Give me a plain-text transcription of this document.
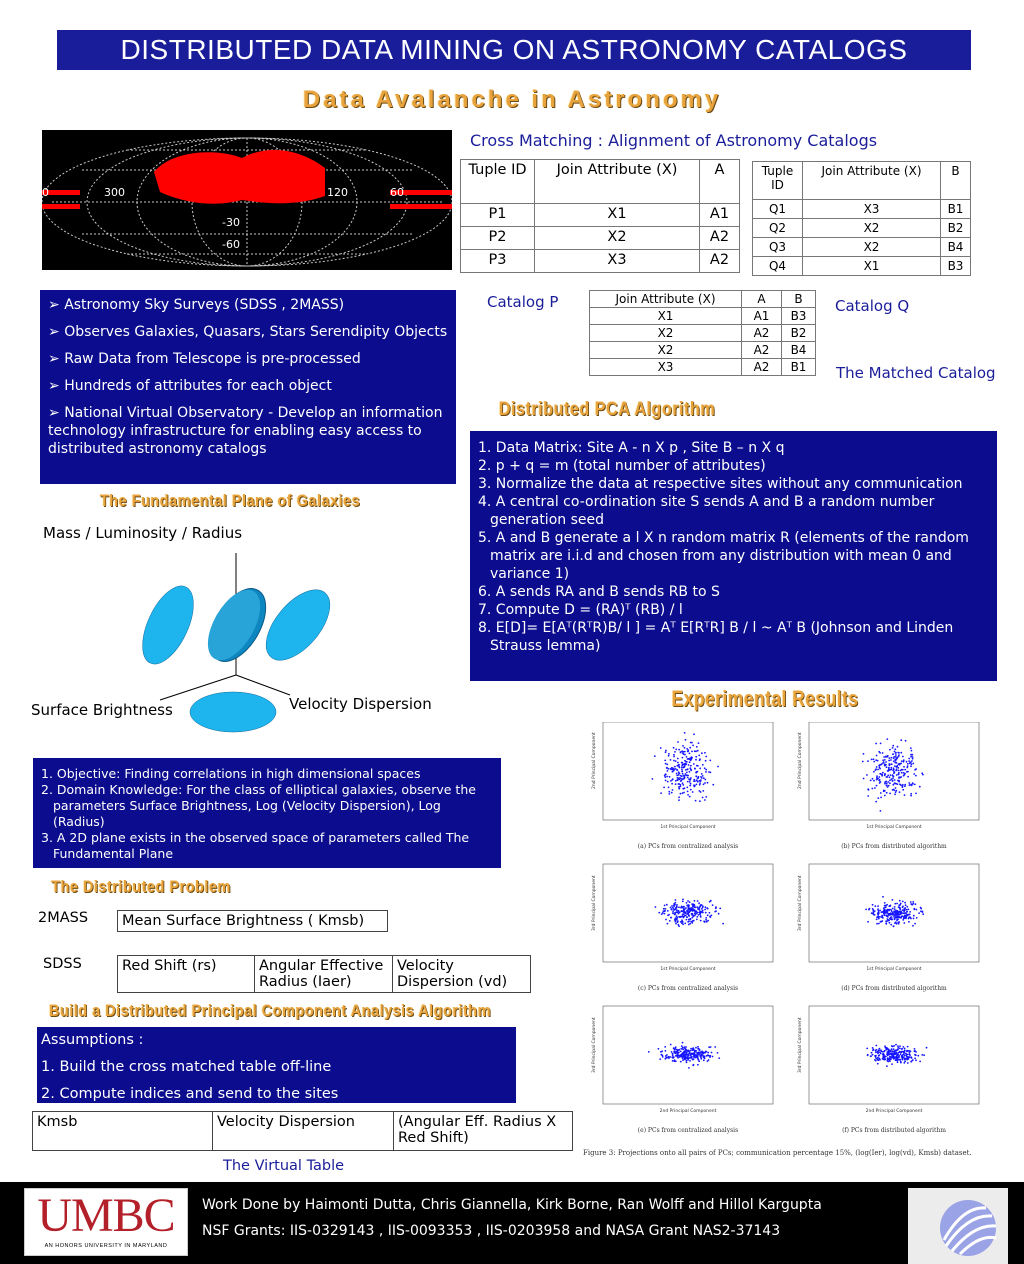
DISTRIBUTED DATA MINING ON ASTRONOMY CATALOGS
Data Avalanche in Astronomy
0	300	120	60
-30
-60
Cross Matching : Alignment of Astronomy Catalogs
Tuple ID	Join Attribute (X)	A
P1	X1	A1
P2	X2	A2
P3	X3	A2
Tuple ID	Join Attribute (X)	B
Q1	X3	B1
Q2	X2	B2
Q3	X2	B4
Q4	X1	B3
Catalog P	Catalog Q
The Matched Catalog
Join Attribute (X)	A	B
X1	A1	B3
X2	A2	B2
X2	A2	B4
X3	A2	B1

➢ Astronomy Sky Surveys (SDSS , 2MASS)

➢ Observes Galaxies, Quasars, Stars Serendipity Objects

➢ Raw Data from Telescope is pre-processed

➢ Hundreds of attributes for each object

➢ National Virtual Observatory - Develop an information technology infrastructure for enabling easy access to distributed astronomy catalogs

The Fundamental Plane of Galaxies
Mass / Luminosity / Radius
Surface Brightness	Velocity Dispersion
1. Objective: Finding correlations in high dimensional spaces
2. Domain Knowledge: For the class of elliptical galaxies, observe the parameters Surface Brightness, Log (Velocity Dispersion), Log (Radius)
3. A 2D plane exists in the observed space of parameters called The Fundamental Plane
The Distributed Problem
2MASS Mean Surface Brightness ( Kmsb)
SDSS	Red Shift (rs)	Angular Effective Radius (Iaer)	Velocity Dispersion (vd)
Build a Distributed Principal Component Analysis Algorithm
Assumptions :
1. Build the cross matched table off-line
2. Compute indices and send to the sites
Kmsb	Velocity Dispersion	(Angular Eff. Radius X Red Shift)
The Virtual Table
Distributed PCA Algorithm
1. Data Matrix: Site A - n X p , Site B – n X q
2. p + q = m (total number of attributes)
3. Normalize the data at respective sites without any communication
4. A central co-ordination site S sends A and B a random number generation seed
5. A and B generate a l X n random matrix R (elements of the random matrix are i.i.d and chosen from any distribution with mean 0 and variance 1)
6. A sends RA and B sends RB to S
7. Compute D = (RA)ᵀ (RB) / l
8. E[D]= E[Aᵀ(RᵀR)B/ l ] = Aᵀ E[RᵀR] B / l ~ Aᵀ B (Johnson and Linden Strauss lemma)
Experimental Results
2nd Principal Component
1st Principal Component
(a) PCs from centralized analysis
2nd Principal Component
1st Principal Component
(b) PCs from distributed algorithm
3rd Principal Component
1st Principal Component
(c) PCs from centralized analysis
3rd Principal Component
1st Principal Component
(d) PCs from distributed algorithm
3rd Principal Component
2nd Principal Component
(e) PCs from centralized analysis
3rd Principal Component
2nd Principal Component
(f) PCs from distributed algorithm
Figure 3: Projections onto all pairs of PCs; communication percentage 15%, (log(Ier), log(vd), Kmsb) dataset.
UMBC
AN HONORS UNIVERSITY IN MARYLAND
Work Done by Haimonti Dutta, Chris Giannella, Kirk Borne, Ran Wolff and Hillol Kargupta
NSF Grants: IIS-0329143 , IIS-0093353 , IIS-0203958 and NASA Grant NAS2-37143
